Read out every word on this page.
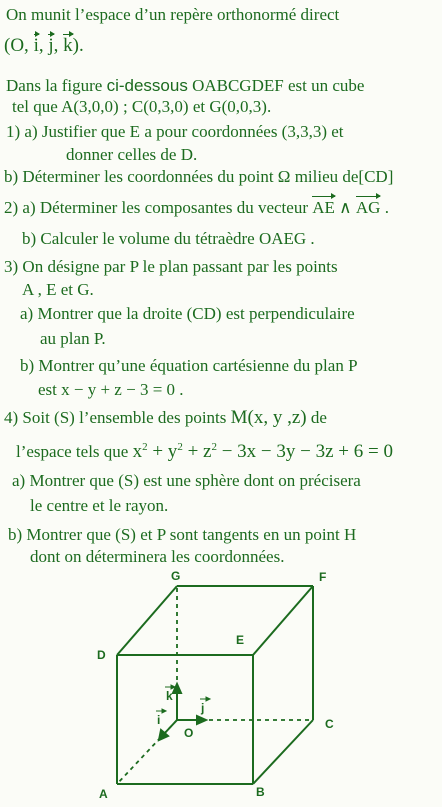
On munit l’espace d’un repère orthonormé direct
(O, i, j, k).
Dans la figure ci-dessous OABCGDEF est un cube
tel que A(3,0,0) ; C(0,3,0) et G(0,0,3).
1) a) Justifier que E a pour coordonnées (3,3,3) et
donner celles de D.
b) Déterminer les coordonnées du point Ω milieu de[CD]
2) a) Déterminer les composantes du vecteur AE ∧ AG .
b) Calculer le volume du tétraèdre OAEG .
3) On désigne par P le plan passant par les points
A , E et G.
a) Montrer que la droite (CD) est perpendiculaire
au plan P.
b) Montrer qu’une équation cartésienne du plan P
est x − y + z − 3 = 0 .
4) Soit (S) l’ensemble des points M(x, y ,z) de
l’espace tels que $x^2 + y^2 + z^2 - 3x - 3y - 3z + 6 = 0$
a) Montrer que (S) est une sphère dont on précisera
le centre et le rayon.
b) Montrer que (S) et P sont tangents en un point H
dont on déterminera les coordonnées.
G	F
E
D
O
C
A	B
k
j
i
